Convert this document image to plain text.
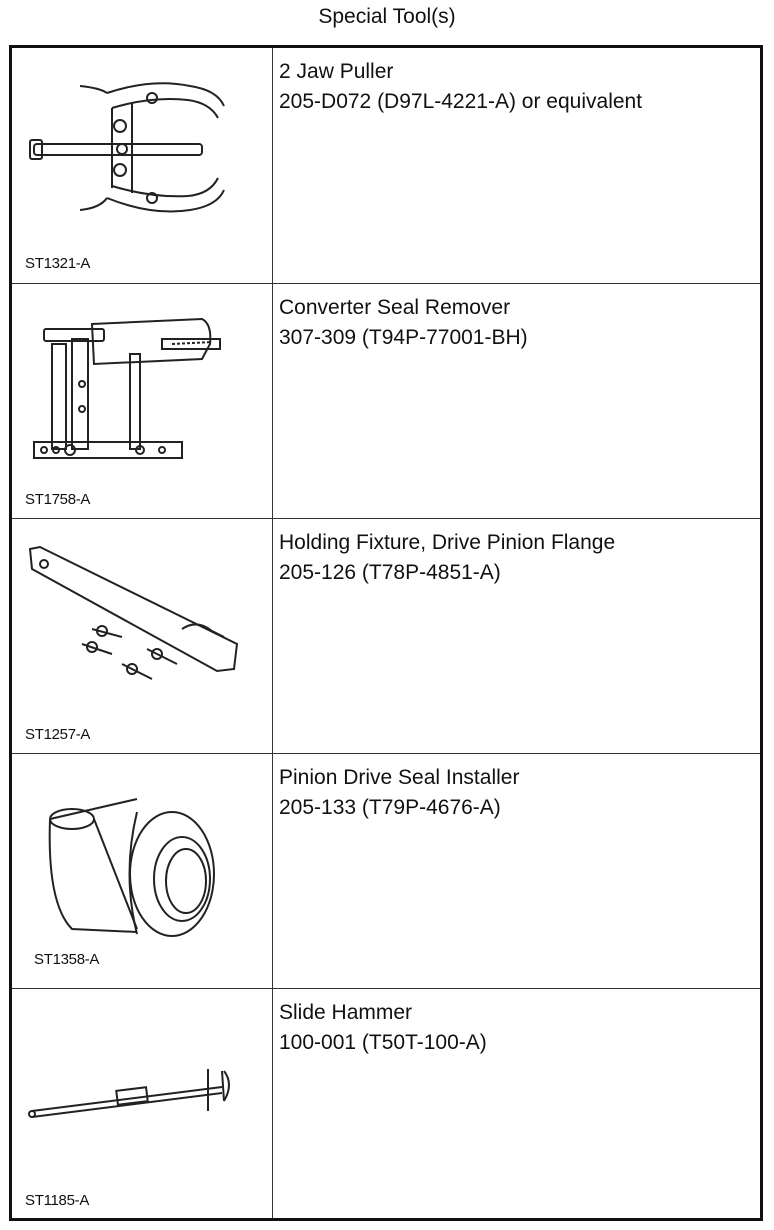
Special Tool(s)
ST1321-A
2 Jaw Puller
205-D072 (D97L-4221-A) or equivalent
ST1758-A
Converter Seal Remover
307-309 (T94P-77001-BH)
ST1257-A
Holding Fixture, Drive Pinion Flange
205-126 (T78P-4851-A)
ST1358-A
Pinion Drive Seal Installer
205-133 (T79P-4676-A)
ST1185-A
Slide Hammer
100-001 (T50T-100-A)
